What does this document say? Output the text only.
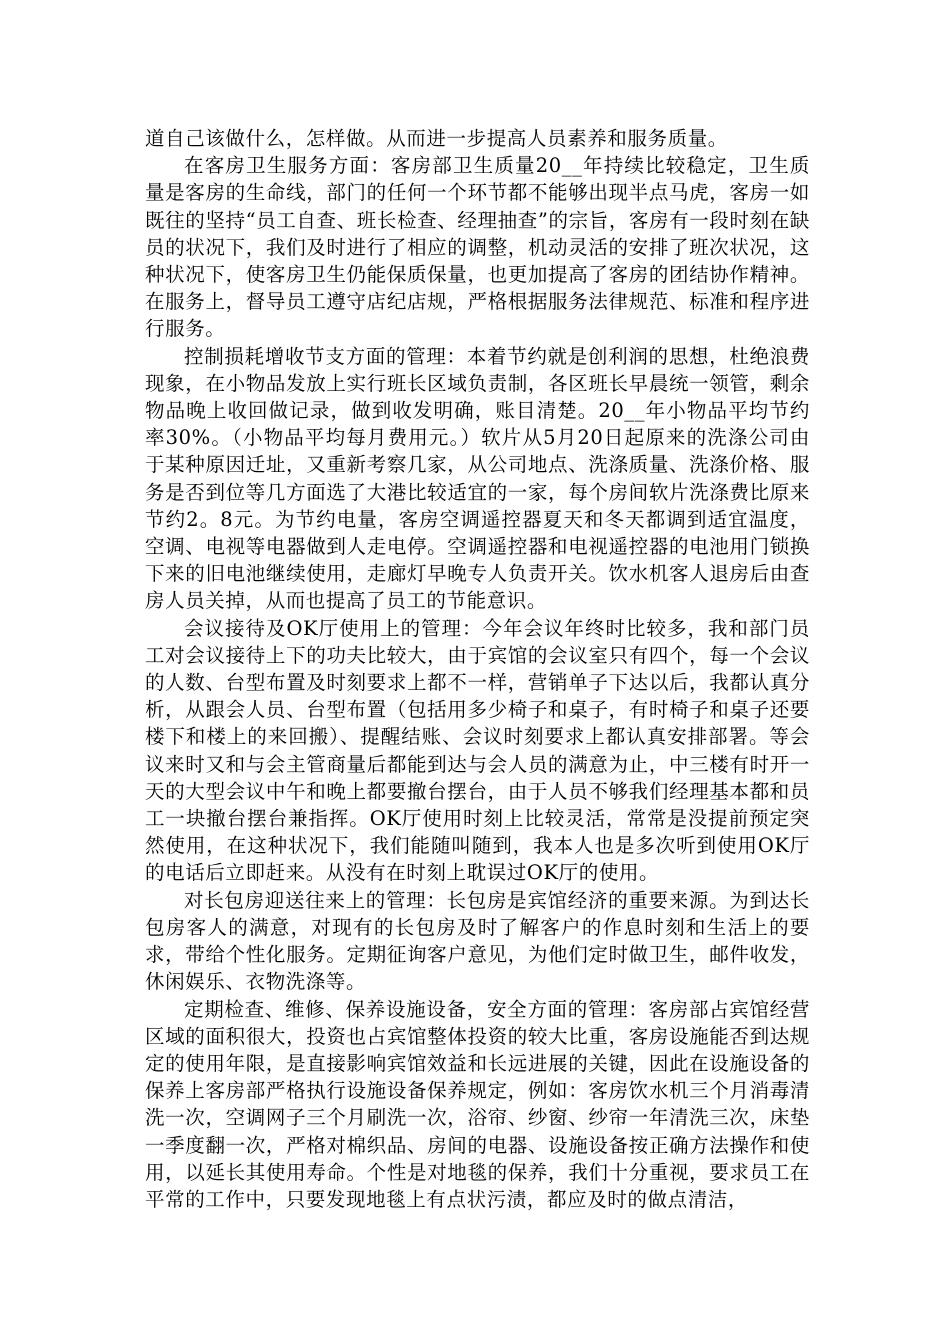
道自己该做什么，怎样做。从而进一步提高人员素养和服务质量。

在客房卫生服务方面：客房部卫生质量20__年持续比较稳定，卫生质量是客房的生命线，部门的任何一个环节都不能够出现半点马虎，客房一如既往的坚持“员工自查、班长检查、经理抽查”的宗旨，客房有一段时刻在缺员的状况下，我们及时进行了相应的调整，机动灵活的安排了班次状况，这种状况下，使客房卫生仍能保质保量，也更加提高了客房的团结协作精神。在服务上，督导员工遵守店纪店规，严格根据服务法律规范、标准和程序进行服务。

控制损耗增收节支方面的管理：本着节约就是创利润的思想，杜绝浪费现象，在小物品发放上实行班长区域负责制，各区班长早晨统一领管，剩余物品晚上收回做记录，做到收发明确，账目清楚。20__年小物品平均节约率30%。（小物品平均每月费用元。）软片从5月20日起原来的洗涤公司由于某种原因迁址，又重新考察几家，从公司地点、洗涤质量、洗涤价格、服务是否到位等几方面选了大港比较适宜的一家，每个房间软片洗涤费比原来节约2。8元。为节约电量，客房空调遥控器夏天和冬天都调到适宜温度，空调、电视等电器做到人走电停。空调遥控器和电视遥控器的电池用门锁换下来的旧电池继续使用，走廊灯早晚专人负责开关。饮水机客人退房后由查房人员关掉，从而也提高了员工的节能意识。

会议接待及OK厅使用上的管理：今年会议年终时比较多，我和部门员工对会议接待上下的功夫比较大，由于宾馆的会议室只有四个，每一个会议的人数、台型布置及时刻要求上都不一样，营销单子下达以后，我都认真分析，从跟会人员、台型布置（包括用多少椅子和桌子，有时椅子和桌子还要楼下和楼上的来回搬）、提醒结账、会议时刻要求上都认真安排部署。等会议来时又和与会主管商量后都能到达与会人员的满意为止，中三楼有时开一天的大型会议中午和晚上都要撤台摆台，由于人员不够我们经理基本都和员工一块撤台摆台兼指挥。OK厅使用时刻上比较灵活，常常是没提前预定突然使用，在这种状况下，我们能随叫随到，我本人也是多次听到使用OK厅的电话后立即赶来。从没有在时刻上耽误过OK厅的使用。

对长包房迎送往来上的管理：长包房是宾馆经济的重要来源。为到达长包房客人的满意，对现有的长包房及时了解客户的作息时刻和生活上的要求，带给个性化服务。定期征询客户意见，为他们定时做卫生，邮件收发，休闲娱乐、衣物洗涤等。

定期检查、维修、保养设施设备，安全方面的管理：客房部占宾馆经营区域的面积很大，投资也占宾馆整体投资的较大比重，客房设施能否到达规定的使用年限，是直接影响宾馆效益和长远进展的关键，因此在设施设备的保养上客房部严格执行设施设备保养规定，例如：客房饮水机三个月消毒清洗一次，空调网子三个月刷洗一次，浴帘、纱窗、纱帘一年清洗三次，床垫一季度翻一次，严格对棉织品、房间的电器、设施设备按正确方法操作和使用，以延长其使用寿命。个性是对地毯的保养，我们十分重视，要求员工在平常的工作中，只要发现地毯上有点状污渍，都应及时的做点清洁，
